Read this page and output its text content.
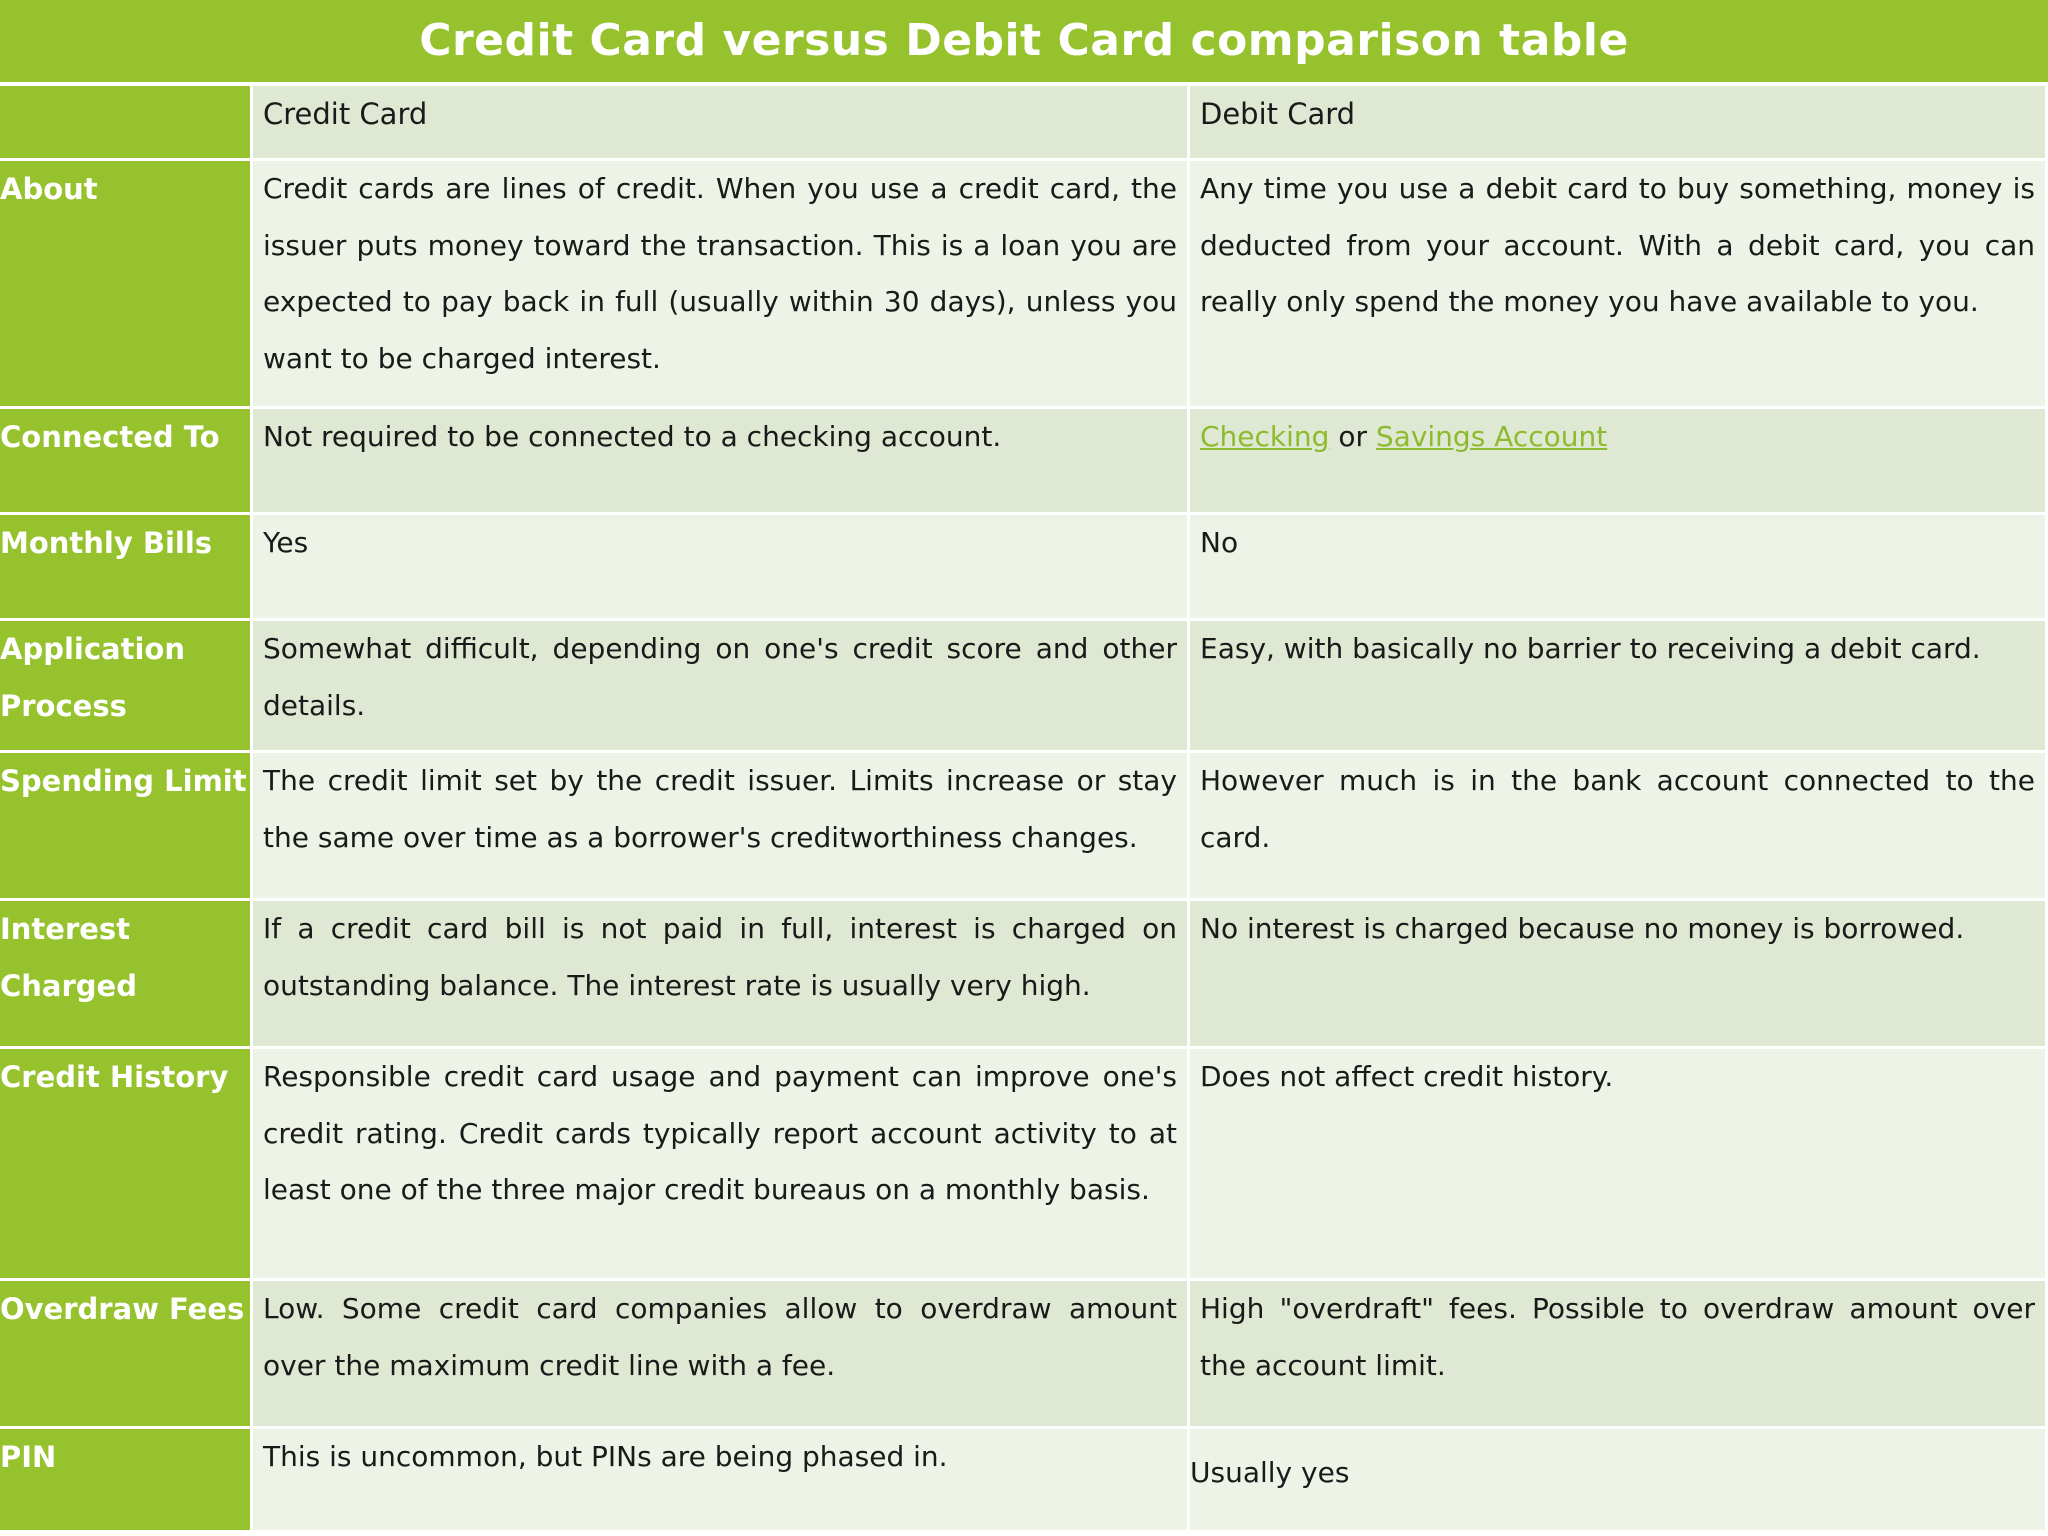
Credit Card versus Debit Card comparison table
	Credit Card	Debit Card
About	Credit cards are lines of credit. When you use a credit card, the issuer puts money toward the transaction. This is a loan you are expected to pay back in full (usually within 30 days), unless you want to be charged interest.	Any time you use a debit card to buy something, money is deducted from your account. With a debit card, you can really only spend the money you have available to you.
Connected To	Not required to be connected to a checking account.	Checking or Savings Account
Monthly Bills	Yes	No
Application Process	Somewhat difficult, depending on one's credit score and other details.	Easy, with basically no barrier to receiving a debit card.
Spending Limit	The credit limit set by the credit issuer. Limits increase or stay the same over time as a borrower's creditworthiness changes.	However much is in the bank account connected to the card.
Interest Charged	If a credit card bill is not paid in full, interest is charged on outstanding balance. The interest rate is usually very high.	No interest is charged because no money is borrowed.
Credit History	Responsible credit card usage and payment can improve one's credit rating. Credit cards typically report account activity to at least one of the three major credit bureaus on a monthly basis.	Does not affect credit history.
Overdraw Fees	Low. Some credit card companies allow to overdraw amount over the maximum credit line with a fee.	High "overdraft" fees. Possible to overdraw amount over the account limit.
PIN	This is uncommon, but PINs are being phased in.	Usually yes
